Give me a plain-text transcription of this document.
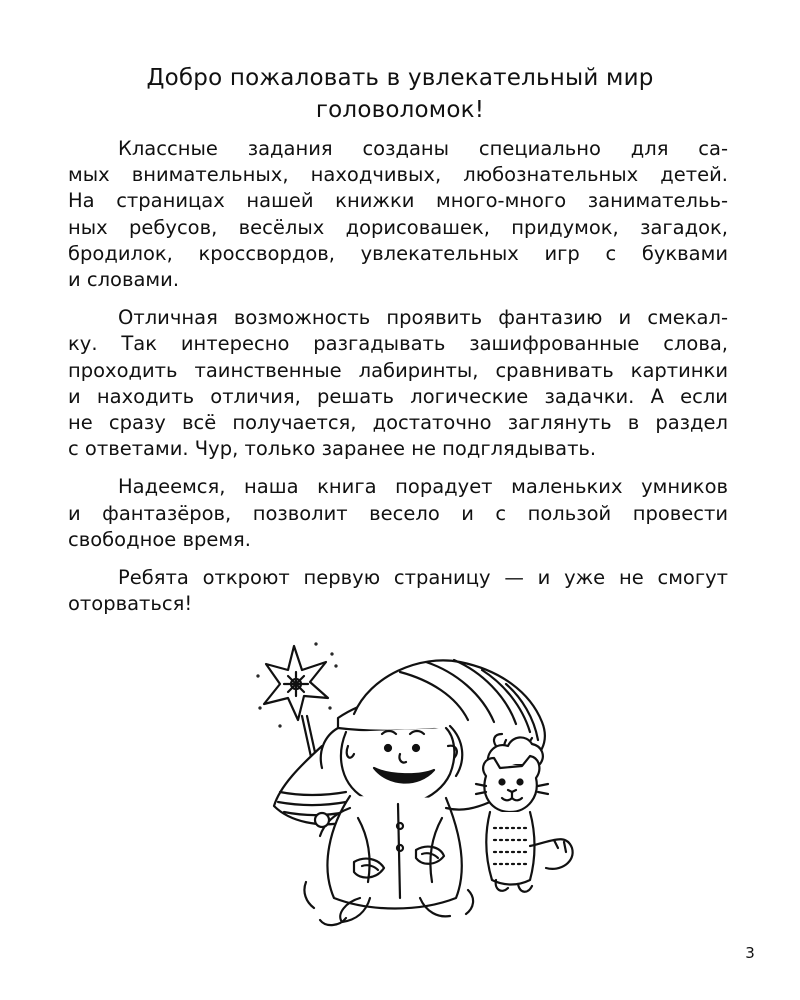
Добро пожаловать в увлекательный мир
головоломок!

Классные задания созданы специально для са-
мых внимательных, находчивых, любознательных детей.
На страницах нашей книжки много-много занимательь-
ных ребусов, весёлых дорисовашек, придумок, загадок,
бродилок, кроссвордов, увлекательных игр с буквами
и словами.

Отличная возможность проявить фантазию и смекал-
ку. Так интересно разгадывать зашифрованные слова,
проходить таинственные лабиринты, сравнивать картинки
и находить отличия, решать логические задачки. А если
не сразу всё получается, достаточно заглянуть в раздел
с ответами. Чур, только заранее не подглядывать.

Надеемся, наша книга порадует маленьких умников
и фантазёров, позволит весело и с пользой провести
свободное время.

Ребята откроют первую страницу — и уже не смогут
оторваться!

3
